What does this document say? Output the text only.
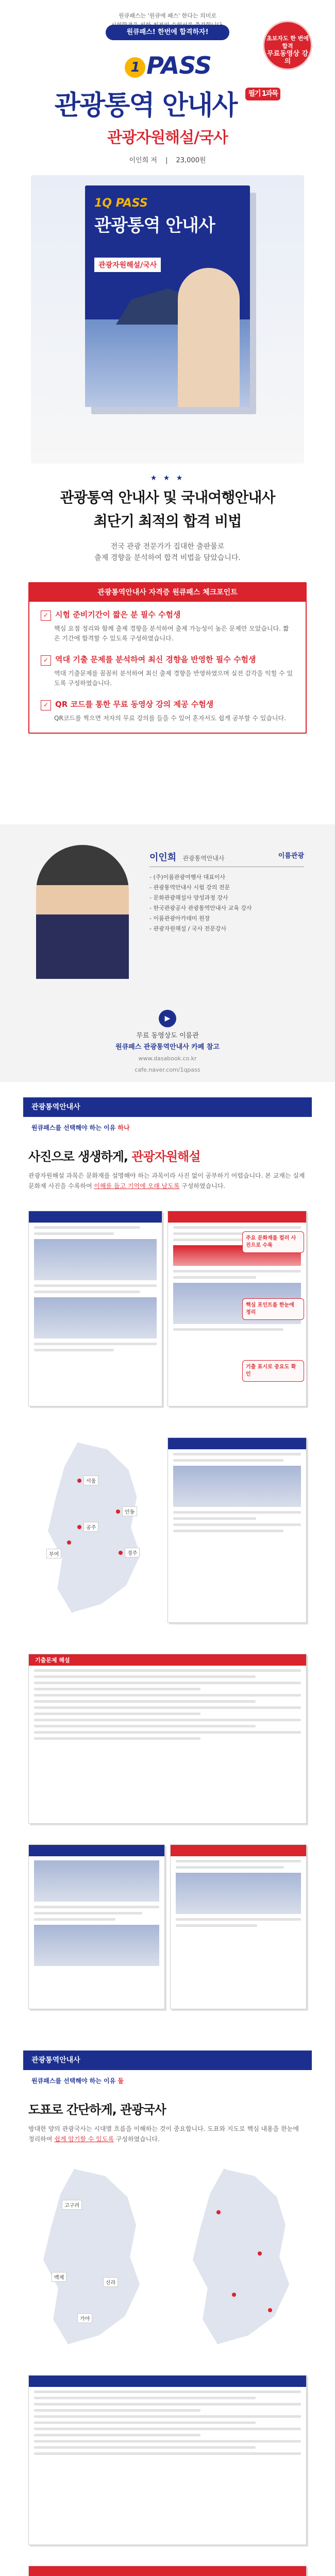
원큐패스는 '원큐에 패스' 한다는 의미로
원큐패스! 한번에 합격하자!
1 PASS
관광통역 안내사 필기 1과목
관광자원해설/국사
이인희 저 | 23,000원
1Q PASS
관광통역 안내사
관광자원해설/국사
초보자도 한 번에 합격
무료동영상 강의
★ ★ ★
관광통역 안내사 및 국내여행안내사
최단기 최적의 합격 비법
전국 관광 전문가가 집대한 출판물로
출제 경향을 분석하여 합격 비법을 담았습니다.
관광통역안내사 자격증 원큐패스 체크포인트
✓ 시험 준비기간이 짧은 분 필수 수험생
핵심 요점 정리와 함께 출제 경향을 분석하여 출제 가능성이 높은 문제만 모았습니다. 짧은 기간에 합격할 수 있도록 구성하였습니다.
✓ 역대 기출 문제를 분석하여 최신 경향을 반영한 필수 수험생
역대 기출문제를 꼼꼼히 분석하여 최신 출제 경향을 반영하였으며 실전 감각을 익힐 수 있도록 구성하였습니다.
✓ QR 코드를 통한 무료 동영상 강의 제공 수험생
QR코드를 찍으면 저자의 무료 강의를 들을 수 있어 혼자서도 쉽게 공부할 수 있습니다.
이인희 관광통역안내사	이룸관광
- (주)이룸관광여행사 대표이사
- 관광통역안내사 시험 강의 전문
- 문화관광해설사 양성과정 강사
- 한국관광공사 관광통역안내사 교육 강사
- 이룸관광아카데미 원장
- 관광자원해설 / 국사 전문강사
▶
무료 동영상도 이룸관
원큐패스 관광통역안내사 카페 참고
www.dasabook.co.kr
cafe.naver.com/1qpass
관광통역안내사
원큐패스를 선택해야 하는 이유 하나
사진으로 생생하게, 관광자원해설
관광자원해설 과목은 문화재를 설명해야 하는 과목이라 사진 없이 공부하기 어렵습니다. 본 교재는 실제 문화재 사진을 수록하여 이해를 돕고 기억에 오래 남도록 구성하였습니다.
주요 문화재를 컬러 사진으로 수록
핵심 포인트를 한눈에 정리
기출 표시로 중요도 확인
서울
경주
부여
공주
안동
기출문제 해설
관광통역안내사
원큐패스를 선택해야 하는 이유 둘
도표로 간단하게, 관광국사
방대한 양의 관광국사는 시대별 흐름을 이해하는 것이 중요합니다. 도표와 지도로 핵심 내용을 한눈에 정리하여 쉽게 암기할 수 있도록 구성하였습니다.
고구려
백제
신라
가야
